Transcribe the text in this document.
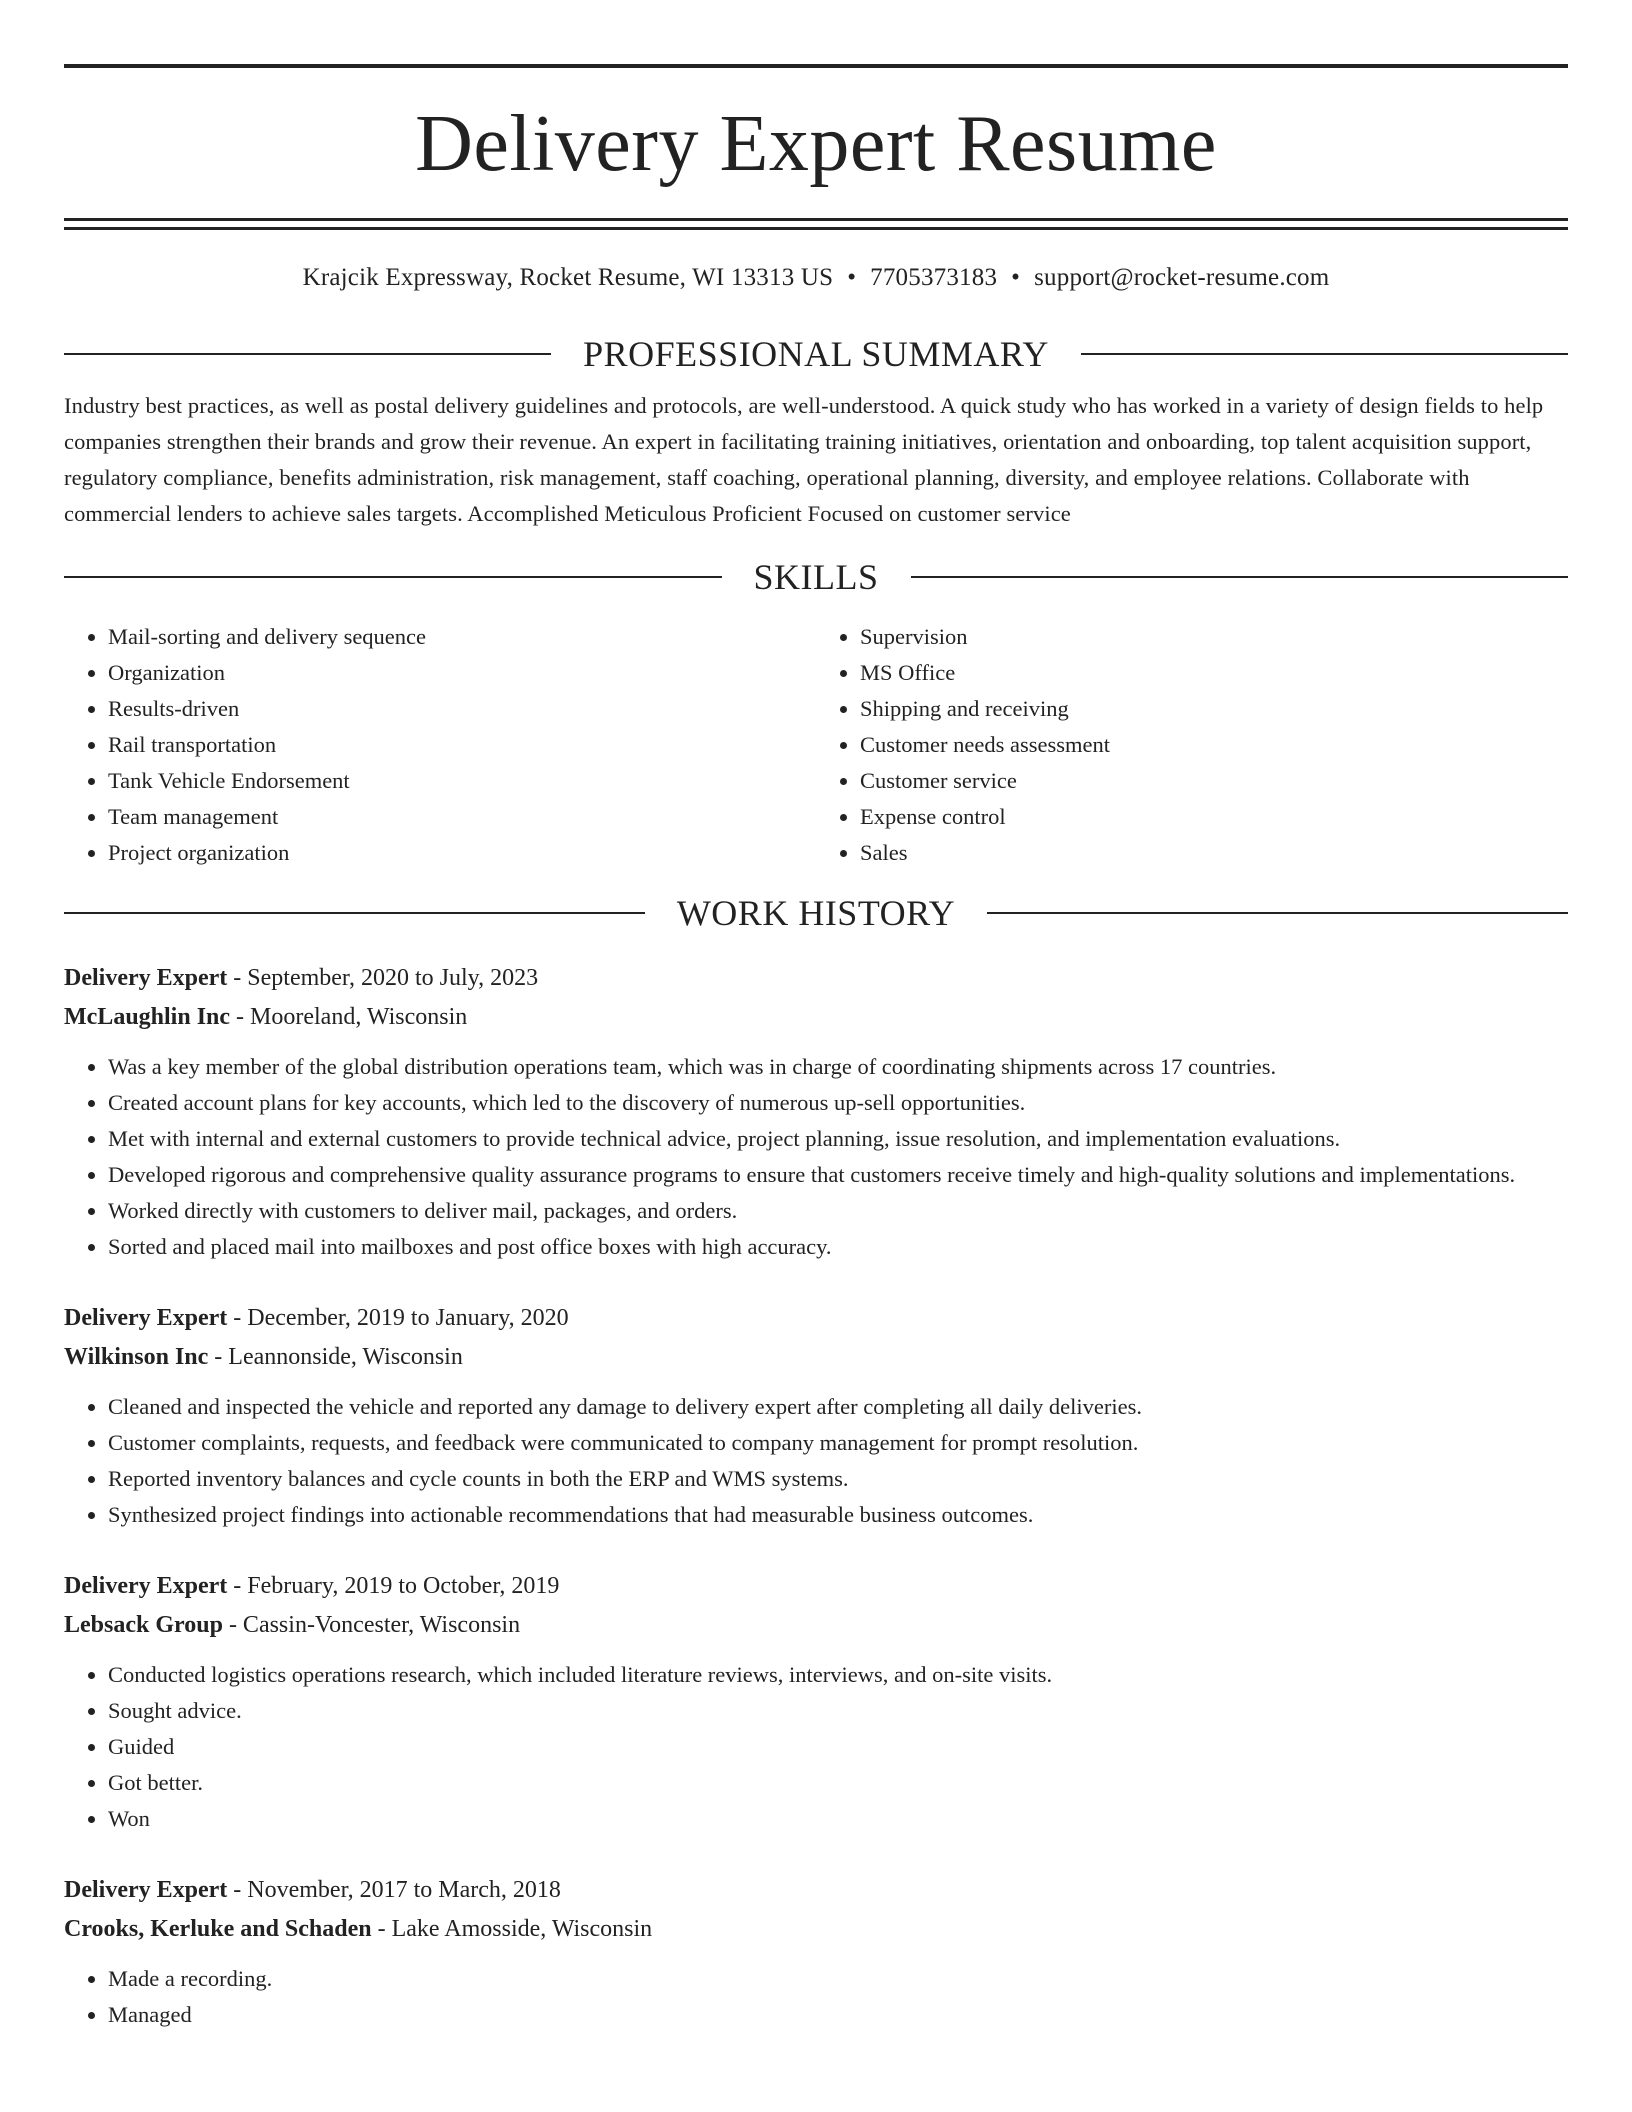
Delivery Expert Resume
Krajcik Expressway, Rocket Resume, WI 13313 US • 7705373183 • support@rocket-resume.com
PROFESSIONAL SUMMARY

Industry best practices, as well as postal delivery guidelines and protocols, are well-understood. A quick study who has worked in a variety of design fields to help companies strengthen their brands and grow their revenue. An expert in facilitating training initiatives, orientation and onboarding, top talent acquisition support, regulatory compliance, benefits administration, risk management, staff coaching, operational planning, diversity, and employee relations. Collaborate with commercial lenders to achieve sales targets. Accomplished Meticulous Proficient Focused on customer service

SKILLS
• Mail-sorting and delivery sequence
• Organization
• Results-driven
• Rail transportation
• Tank Vehicle Endorsement
• Team management
• Project organization
• Supervision
• MS Office
• Shipping and receiving
• Customer needs assessment
• Customer service
• Expense control
• Sales
WORK HISTORY
Delivery Expert - September, 2020 to July, 2023
McLaughlin Inc - Mooreland, Wisconsin
• Was a key member of the global distribution operations team, which was in charge of coordinating shipments across 17 countries.
• Created account plans for key accounts, which led to the discovery of numerous up-sell opportunities.
• Met with internal and external customers to provide technical advice, project planning, issue resolution, and implementation evaluations.
• Developed rigorous and comprehensive quality assurance programs to ensure that customers receive timely and high-quality solutions and implementations.
• Worked directly with customers to deliver mail, packages, and orders.
• Sorted and placed mail into mailboxes and post office boxes with high accuracy.
Delivery Expert - December, 2019 to January, 2020
Wilkinson Inc - Leannonside, Wisconsin
• Cleaned and inspected the vehicle and reported any damage to delivery expert after completing all daily deliveries.
• Customer complaints, requests, and feedback were communicated to company management for prompt resolution.
• Reported inventory balances and cycle counts in both the ERP and WMS systems.
• Synthesized project findings into actionable recommendations that had measurable business outcomes.
Delivery Expert - February, 2019 to October, 2019
Lebsack Group - Cassin-Voncester, Wisconsin
• Conducted logistics operations research, which included literature reviews, interviews, and on-site visits.
• Sought advice.
• Guided
• Got better.
• Won
Delivery Expert - November, 2017 to March, 2018
Crooks, Kerluke and Schaden - Lake Amosside, Wisconsin
• Made a recording.
• Managed
